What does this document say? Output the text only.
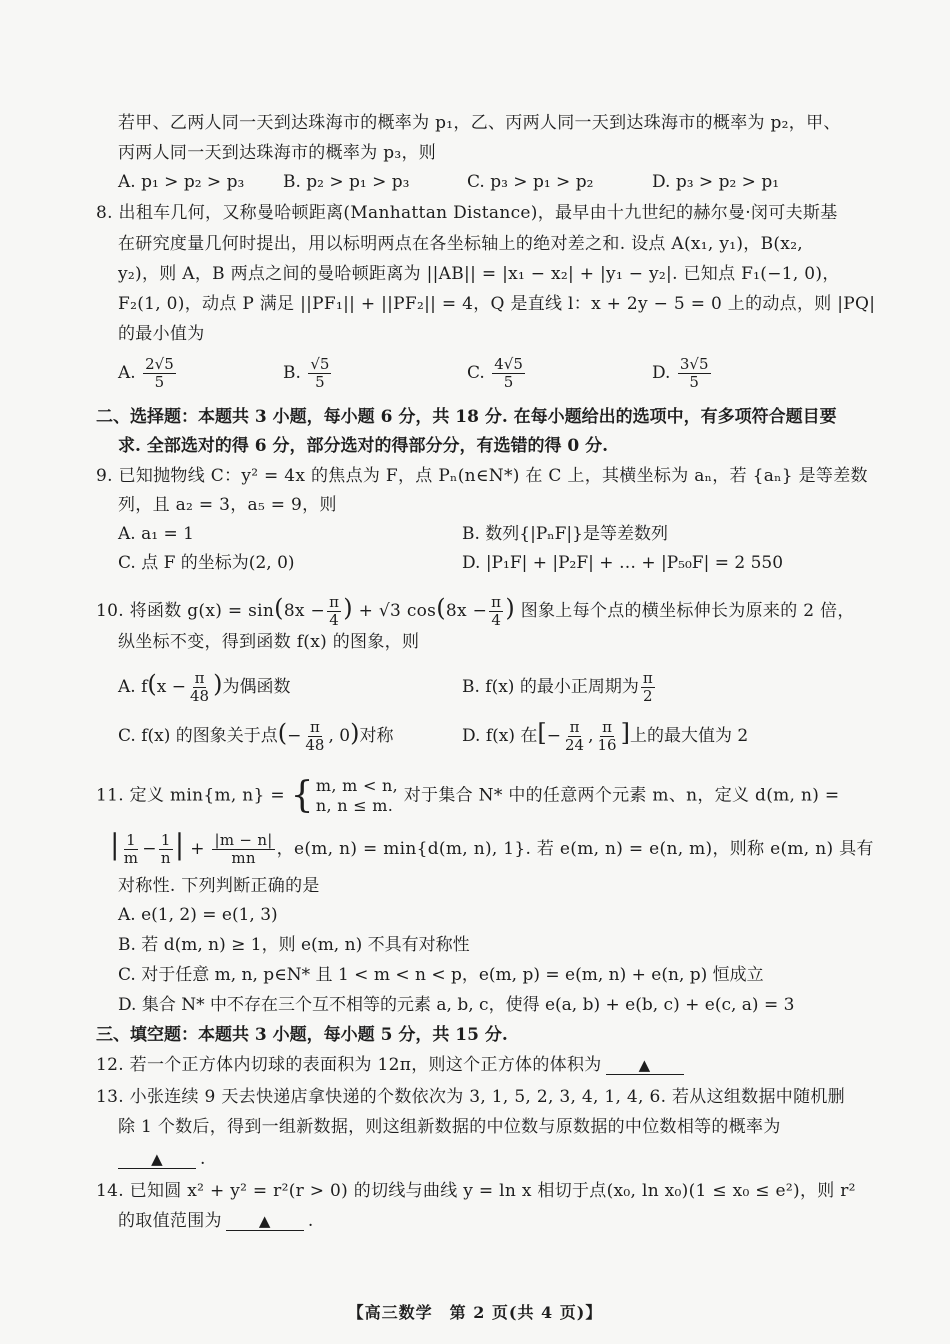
若甲、乙两人同一天到达珠海市的概率为 p₁，乙、丙两人同一天到达珠海市的概率为 p₂，甲、
丙两人同一天到达珠海市的概率为 p₃，则
A. p₁ > p₂ > p₃ B. p₂ > p₁ > p₃	C. p₃ > p₁ > p₂	D. p₃ > p₂ > p₁
8. 出租车几何，又称曼哈顿距离(Manhattan Distance)，最早由十九世纪的赫尔曼·闵可夫斯基
在研究度量几何时提出，用以标明两点在各坐标轴上的绝对差之和. 设点 A(x₁, y₁)，B(x₂,
y₂)，则 A，B 两点之间的曼哈顿距离为 ||AB|| = |x₁ − x₂| + |y₁ − y₂|. 已知点 F₁(−1, 0)，
F₂(1, 0)，动点 P 满足 ||PF₁|| + ||PF₂|| = 4，Q 是直线 l：x + 2y − 5 = 0 上的动点，则 |PQ|
的最小值为
A. $\frac{2√5}{5}$	B. $\frac{√5}{5}$	C. $\frac{4√5}{5}$	D. $\frac{3√5}{5}$
二、选择题：本题共 3 小题，每小题 6 分，共 18 分. 在每小题给出的选项中，有多项符合题目要
求. 全部选对的得 6 分，部分选对的得部分分，有选错的得 0 分.
9. 已知抛物线 C：y² = 4x 的焦点为 F，点 Pₙ(n∈N*) 在 C 上，其横坐标为 aₙ，若 {aₙ} 是等差数
列，且 a₂ = 3，a₅ = 9，则
A. a₁ = 1	B. 数列{|PₙF|}是等差数列
C. 点 F 的坐标为(2, 0)	D. |P₁F| + |P₂F| + … + |P₅₀F| = 2 550
10. 将函数 $g(x) = \sin(8x - \frac{\pi}{4}$ ) + √3 $\cos(8x - \frac{\pi}{4}$ ) 图象上每个点的横坐标伸长为原来的 2 倍，
纵坐标不变，得到函数 f(x) 的图象，则
A. $f(x - \frac{\pi}{48}$ )为偶函数	B. f(x) 的最小正周期为 $\frac{\pi}{2}$
C. f(x) 的图象关于点(− $\frac{\pi}{48}$ , 0)对称	D. f(x) 在[− $\frac{\pi}{24}$ , $\frac{\pi}{16}$ ]上的最大值为 2
11. 定义 min{m, n} = { m, m < n,
n, n ≤ m. 对于集合 N* 中的任意两个元素 m、n，定义 d(m, n) =
| $\frac{1}{m} - \frac{1}{n}$ | + $\frac{|m - n|}{mn}$ ，e(m, n) = min{d(m, n), 1}. 若 e(m, n) = e(n, m)，则称 e(m, n) 具有
对称性. 下列判断正确的是
A. e(1, 2) = e(1, 3)
B. 若 d(m, n) ≥ 1，则 e(m, n) 不具有对称性
C. 对于任意 m, n, p∈N* 且 1 < m < n < p，e(m, p) = e(m, n) + e(n, p) 恒成立
D. 集合 N* 中不存在三个互不相等的元素 a, b, c，使得 e(a, b) + e(b, c) + e(c, a) = 3
三、填空题：本题共 3 小题，每小题 5 分，共 15 分.
12. 若一个正方体内切球的表面积为 12π，则这个正方体的体积为 ▲
13. 小张连续 9 天去快递店拿快递的个数依次为 3, 1, 5, 2, 3, 4, 1, 4, 6. 若从这组数据中随机删
除 1 个数后，得到一组新数据，则这组新数据的中位数与原数据的中位数相等的概率为
▲ .
14. 已知圆 x² + y² = r²(r > 0) 的切线与曲线 y = ln x 相切于点(x₀, ln x₀)(1 ≤ x₀ ≤ e²)，则 r²
的取值范围为 ▲ .
【高三数学　第 2 页(共 4 页)】
